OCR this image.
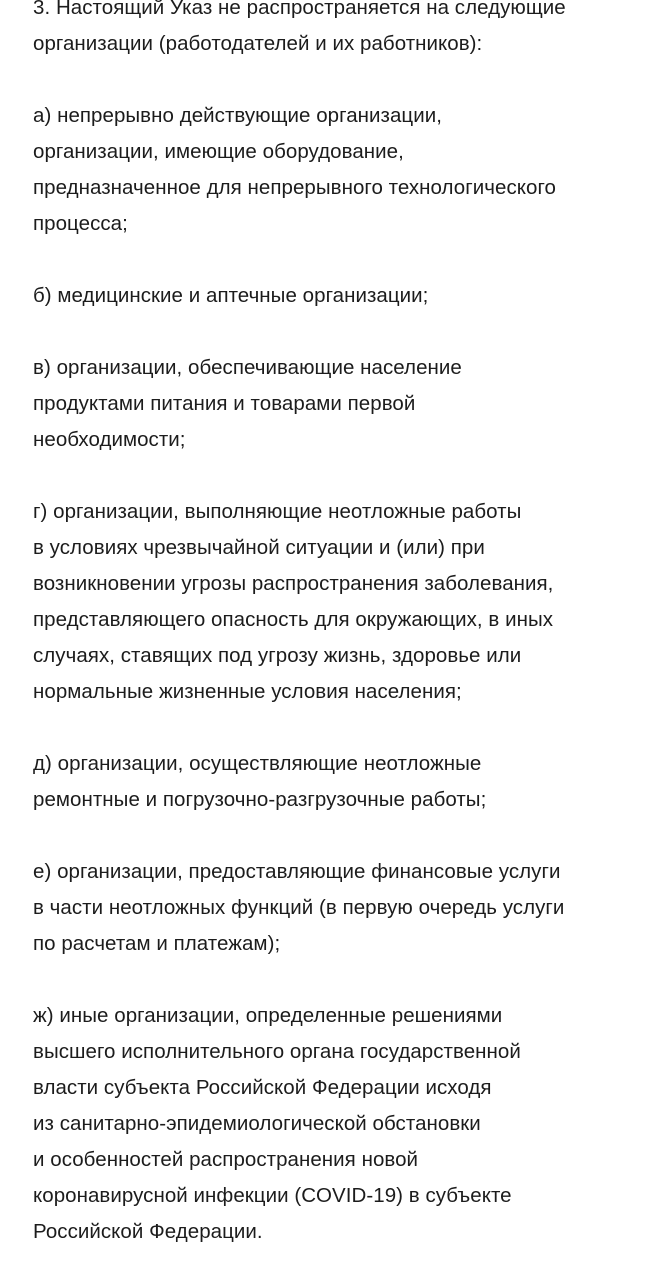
3. Настоящий Указ не распространяется на следующие
организации (работодателей и их работников):
а) непрерывно действующие организации,
организации, имеющие оборудование,
предназначенное для непрерывного технологического
процесса;
б) медицинские и аптечные организации;
в) организации, обеспечивающие население
продуктами питания и товарами первой
необходимости;
г) организации, выполняющие неотложные работы
в условиях чрезвычайной ситуации и (или) при
возникновении угрозы распространения заболевания,
представляющего опасность для окружающих, в иных
случаях, ставящих под угрозу жизнь, здоровье или
нормальные жизненные условия населения;
д) организации, осуществляющие неотложные
ремонтные и погрузочно-разгрузочные работы;
е) организации, предоставляющие финансовые услуги
в части неотложных функций (в первую очередь услуги
по расчетам и платежам);
ж) иные организации, определенные решениями
высшего исполнительного органа государственной
власти субъекта Российской Федерации исходя
из санитарно-эпидемиологической обстановки
и особенностей распространения новой
коронавирусной инфекции (COVID-19) в субъекте
Российской Федерации.
